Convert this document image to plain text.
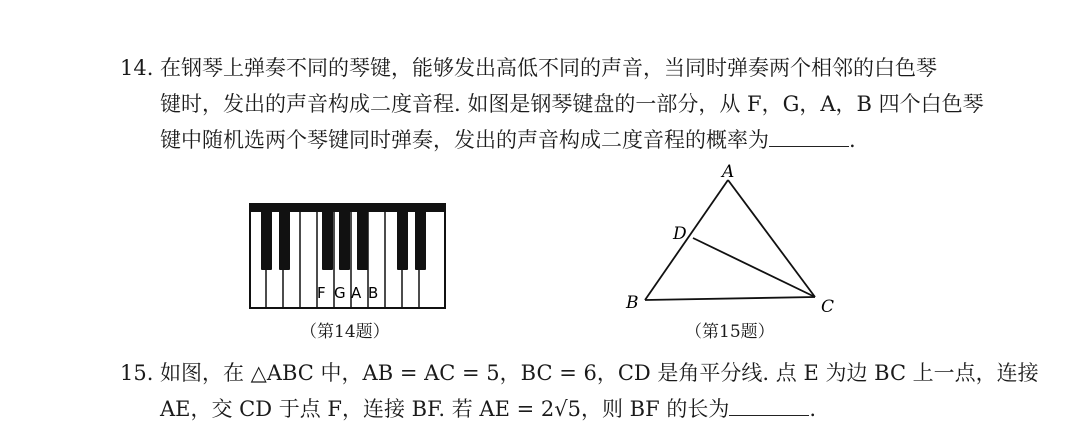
14. 在钢琴上弹奏不同的琴键，能够发出高低不同的声音，当同时弹奏两个相邻的白色琴
键时，发出的声音构成二度音程. 如图是钢琴键盘的一部分，从 F，G，A，B 四个白色琴
键中随机选两个琴键同时弹奏，发出的声音构成二度音程的概率为	.
F G A B
（第14题）
A
B	C
D
（第15题）
15. 如图，在 △ABC 中，AB = AC = 5，BC = 6，CD 是角平分线. 点 E 为边 BC 上一点，连接
AE，交 CD 于点 F，连接 BF. 若 AE = 2√5，则 BF 的长为	.
